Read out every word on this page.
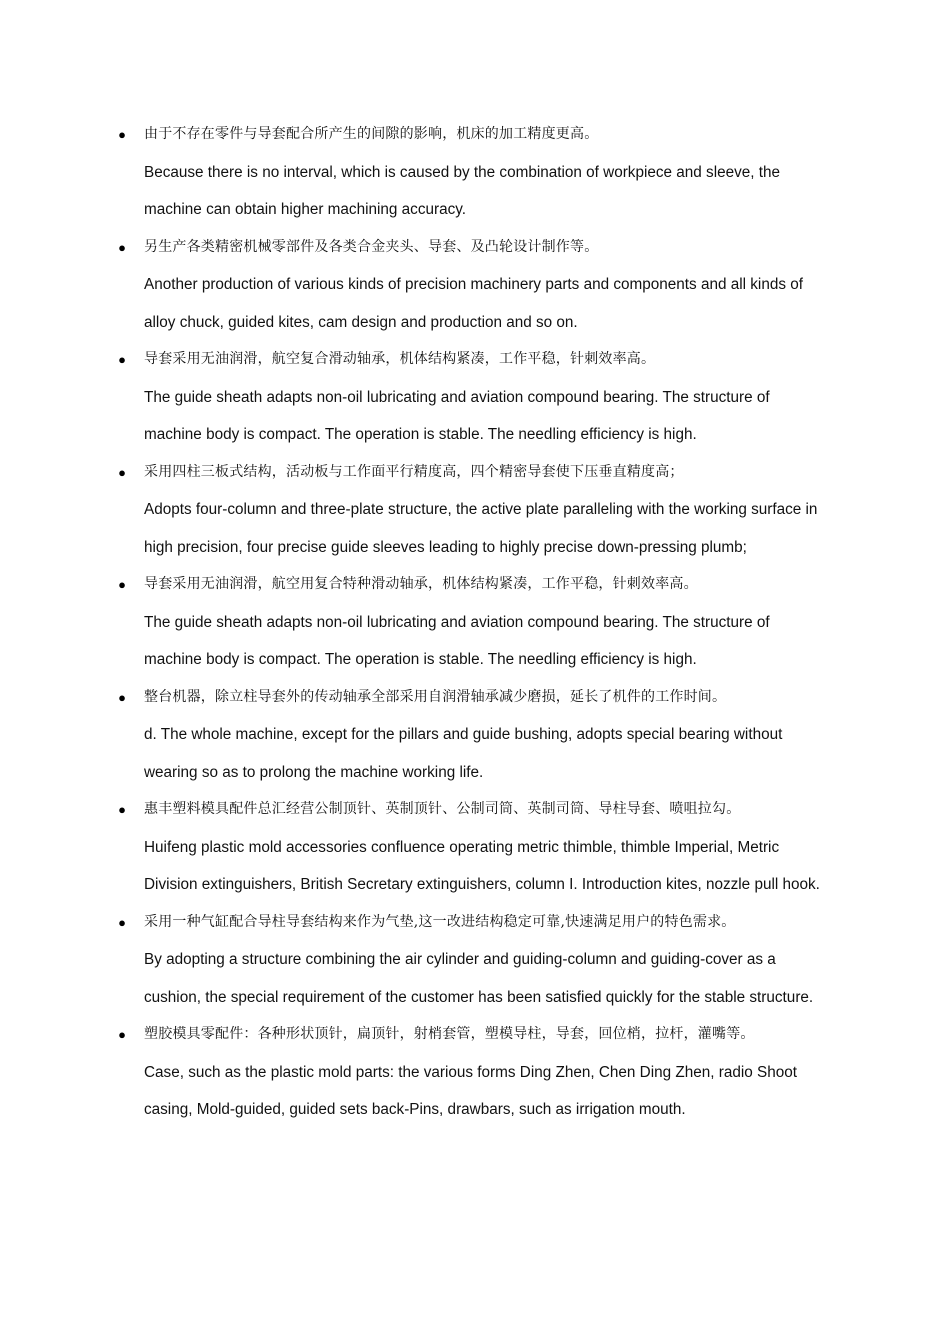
● 由于不存在零件与导套配合所产生的间隙的影响，机床的加工精度更高。
Because there is no interval, which is caused by the combination of workpiece and sleeve, the machine can obtain higher machining accuracy.
● 另生产各类精密机械零部件及各类合金夹头、导套、及凸轮设计制作等。
Another production of various kinds of precision machinery parts and components and all kinds of alloy chuck, guided kites, cam design and production and so on.
● 导套采用无油润滑，航空复合滑动轴承，机体结构紧凑，工作平稳，针刺效率高。
The guide sheath adapts non-oil lubricating and aviation compound bearing. The structure of machine body is compact. The operation is stable. The needling efficiency is high.
● 采用四柱三板式结构，活动板与工作面平行精度高，四个精密导套使下压垂直精度高；
Adopts four-column and three-plate structure, the active plate paralleling with the working surface in high precision, four precise guide sleeves leading to highly precise down-pressing plumb;
● 导套采用无油润滑，航空用复合特种滑动轴承，机体结构紧凑，工作平稳，针刺效率高。
The guide sheath adapts non-oil lubricating and aviation compound bearing. The structure of machine body is compact. The operation is stable. The needling efficiency is high.
● 整台机器，除立柱导套外的传动轴承全部采用自润滑轴承减少磨损，延长了机件的工作时间。
d. The whole machine, except for the pillars and guide bushing, adopts special bearing without wearing so as to prolong the machine working life.
● 惠丰塑料模具配件总汇经营公制顶针、英制顶针、公制司筒、英制司筒、导柱导套、喷咀拉勾。
Huifeng plastic mold accessories confluence operating metric thimble, thimble Imperial, Metric Division extinguishers, British Secretary extinguishers, column I. Introduction kites, nozzle pull hook.
● 采用一种气缸配合导柱导套结构来作为气垫,这一改进结构稳定可靠,快速满足用户的特色需求。
By adopting a structure combining the air cylinder and guiding-column and guiding-cover as a cushion, the special requirement of the customer has been satisfied quickly for the stable structure.
● 塑胶模具零配件：各种形状顶针，扁顶针，射梢套管，塑模导柱，导套，回位梢，拉杆，灌嘴等。
Case, such as the plastic mold parts: the various forms Ding Zhen, Chen Ding Zhen, radio Shoot casing, Mold-guided, guided sets back-Pins, drawbars, such as irrigation mouth.
